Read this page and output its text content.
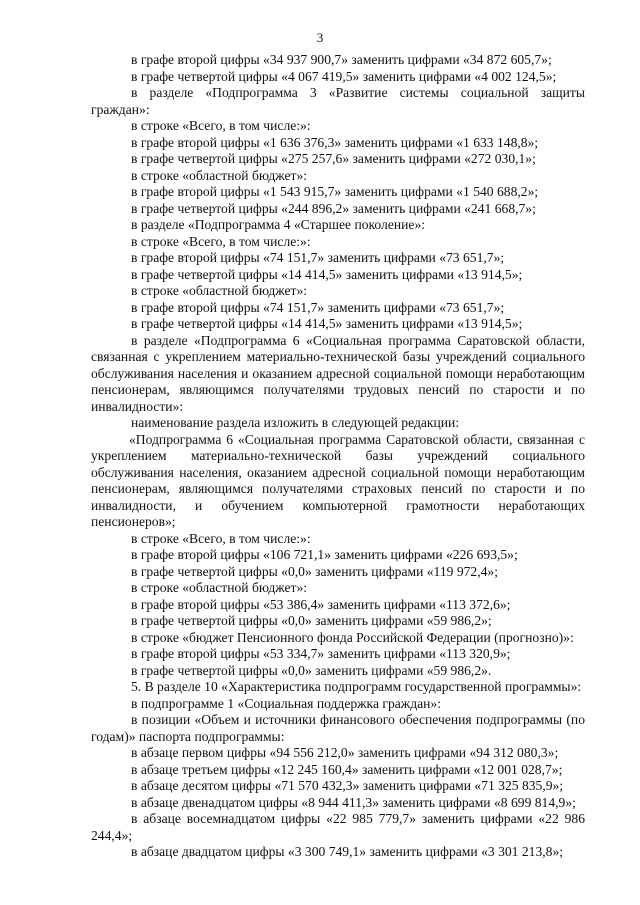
3

в графе второй цифры «34 937 900,7» заменить цифрами «34 872 605,7»;

в графе четвертой цифры «4 067 419,5» заменить цифрами «4 002 124,5»;

в разделе «Подпрограмма 3 «Развитие системы социальной защиты граждан»:

в строке «Всего, в том числе:»:

в графе второй цифры «1 636 376,3» заменить цифрами «1 633 148,8»;

в графе четвертой цифры «275 257,6» заменить цифрами «272 030,1»;

в строке «областной бюджет»:

в графе второй цифры «1 543 915,7» заменить цифрами «1 540 688,2»;

в графе четвертой цифры «244 896,2» заменить цифрами «241 668,7»;

в разделе «Подпрограмма 4 «Старшее поколение»:

в строке «Всего, в том числе:»:

в графе второй цифры «74 151,7» заменить цифрами «73 651,7»;

в графе четвертой цифры «14 414,5» заменить цифрами «13 914,5»;

в строке «областной бюджет»:

в графе второй цифры «74 151,7» заменить цифрами «73 651,7»;

в графе четвертой цифры «14 414,5» заменить цифрами «13 914,5»;

в разделе «Подпрограмма 6 «Социальная программа Саратовской области, связанная с укреплением материально-технической базы учреждений социального обслуживания населения и оказанием адресной социальной помощи неработающим пенсионерам, являющимся получателями трудовых пенсий по старости и по инвалидности»:

наименование раздела изложить в следующей редакции:

«Подпрограмма 6 «Социальная программа Саратовской области, связанная с укреплением материально-технической базы учреждений социального обслуживания населения, оказанием адресной социальной помощи неработающим пенсионерам, являющимся получателями страховых пенсий по старости и по инвалидности, и обучением компьютерной грамотности неработающих пенсионеров»;

в строке «Всего, в том числе:»:

в графе второй цифры «106 721,1» заменить цифрами «226 693,5»;

в графе четвертой цифры «0,0» заменить цифрами «119 972,4»;

в строке «областной бюджет»:

в графе второй цифры «53 386,4» заменить цифрами «113 372,6»;

в графе четвертой цифры «0,0» заменить цифрами «59 986,2»;

в строке «бюджет Пенсионного фонда Российской Федерации (прогнозно)»:

в графе второй цифры «53 334,7» заменить цифрами «113 320,9»;

в графе четвертой цифры «0,0» заменить цифрами «59 986,2».

5. В разделе 10 «Характеристика подпрограмм государственной программы»:

в подпрограмме 1 «Социальная поддержка граждан»:

в позиции «Объем и источники финансового обеспечения подпрограммы (по годам)» паспорта подпрограммы:

в абзаце первом цифры «94 556 212,0» заменить цифрами «94 312 080,3»;

в абзаце третьем цифры «12 245 160,4» заменить цифрами «12 001 028,7»;

в абзаце десятом цифры «71 570 432,3» заменить цифрами «71 325 835,9»;

в абзаце двенадцатом цифры «8 944 411,3» заменить цифрами «8 699 814,9»;

в абзаце восемнадцатом цифры «22 985 779,7» заменить цифрами «22 986 244,4»;

в абзаце двадцатом цифры «3 300 749,1» заменить цифрами «3 301 213,8»;
